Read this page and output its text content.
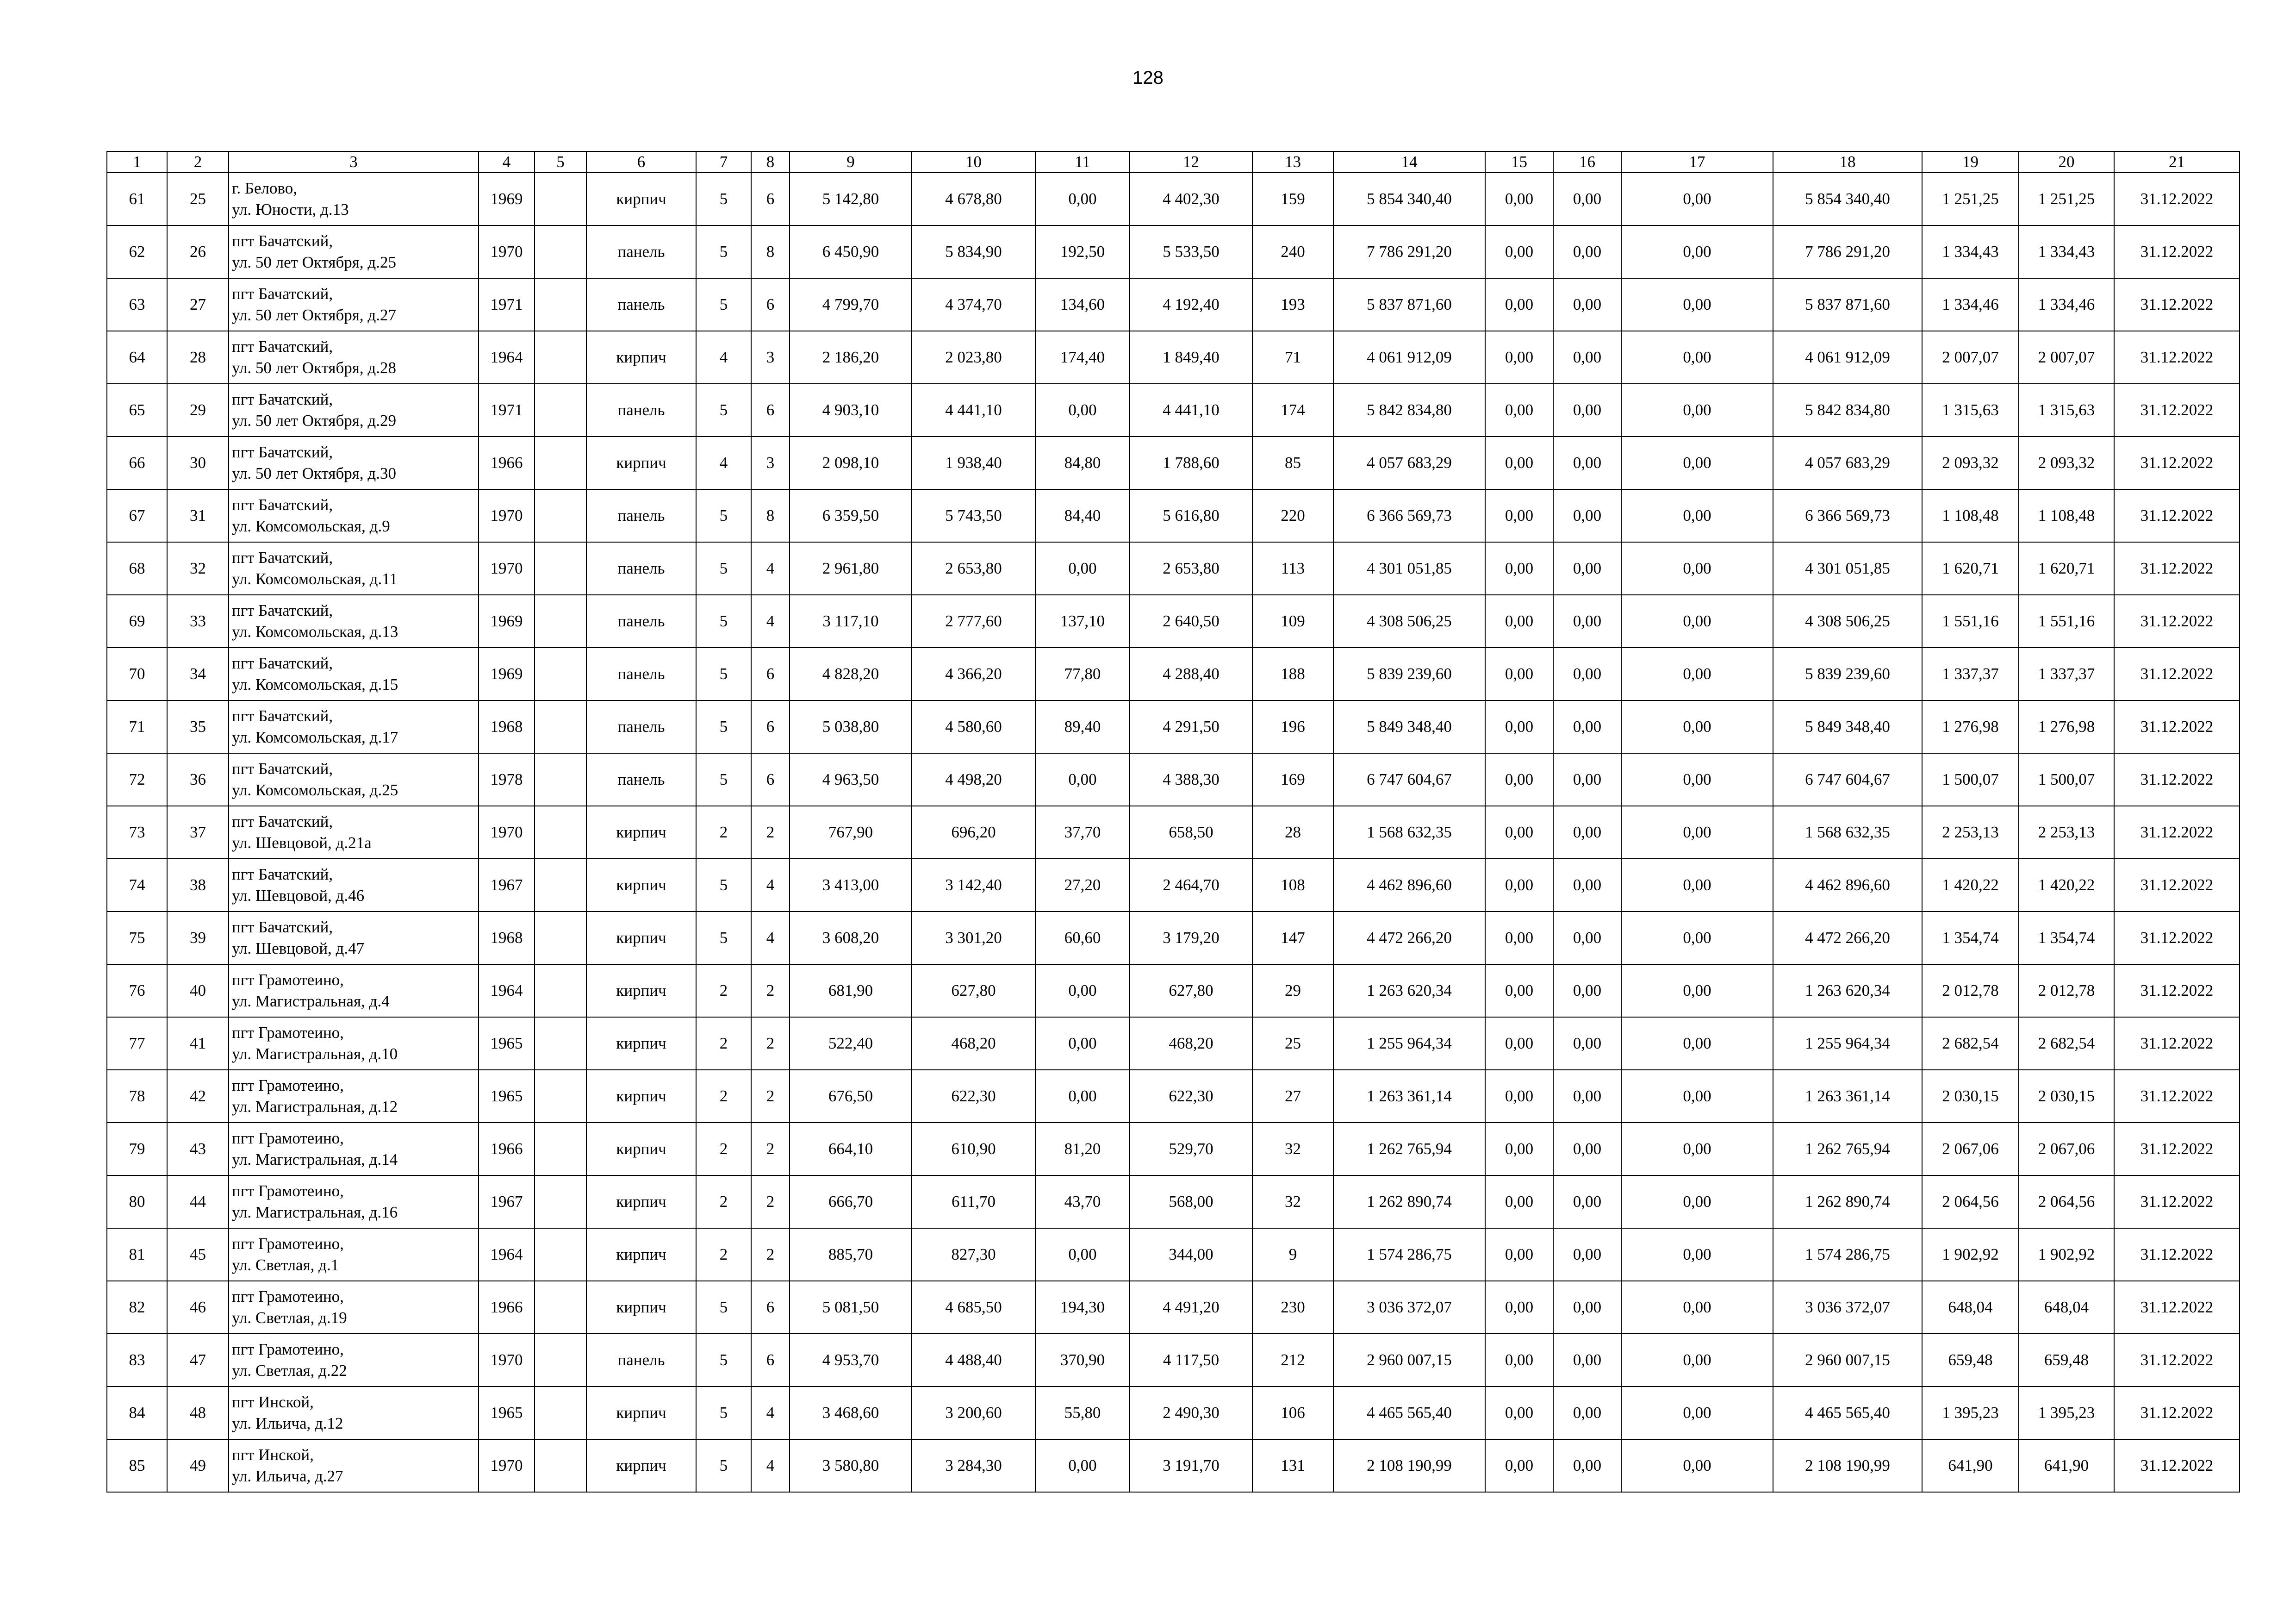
128
1	2	3	4	5	6	7	8	9	10	11	12	13	14	15	16	17	18	19	20	21
61	25	г. Белово,
ул. Юности, д.13	1969		кирпич	5	6	5 142,80	4 678,80	0,00	4 402,30	159	5 854 340,40	0,00	0,00	0,00	5 854 340,40	1 251,25	1 251,25	31.12.2022
62	26	пгт Бачатский,
ул. 50 лет Октября, д.25	1970		панель	5	8	6 450,90	5 834,90	192,50	5 533,50	240	7 786 291,20	0,00	0,00	0,00	7 786 291,20	1 334,43	1 334,43	31.12.2022
63	27	пгт Бачатский,
ул. 50 лет Октября, д.27	1971		панель	5	6	4 799,70	4 374,70	134,60	4 192,40	193	5 837 871,60	0,00	0,00	0,00	5 837 871,60	1 334,46	1 334,46	31.12.2022
64	28	пгт Бачатский,
ул. 50 лет Октября, д.28	1964		кирпич	4	3	2 186,20	2 023,80	174,40	1 849,40	71	4 061 912,09	0,00	0,00	0,00	4 061 912,09	2 007,07	2 007,07	31.12.2022
65	29	пгт Бачатский,
ул. 50 лет Октября, д.29	1971		панель	5	6	4 903,10	4 441,10	0,00	4 441,10	174	5 842 834,80	0,00	0,00	0,00	5 842 834,80	1 315,63	1 315,63	31.12.2022
66	30	пгт Бачатский,
ул. 50 лет Октября, д.30	1966		кирпич	4	3	2 098,10	1 938,40	84,80	1 788,60	85	4 057 683,29	0,00	0,00	0,00	4 057 683,29	2 093,32	2 093,32	31.12.2022
67	31	пгт Бачатский,
ул. Комсомольская, д.9	1970		панель	5	8	6 359,50	5 743,50	84,40	5 616,80	220	6 366 569,73	0,00	0,00	0,00	6 366 569,73	1 108,48	1 108,48	31.12.2022
68	32	пгт Бачатский,
ул. Комсомольская, д.11	1970		панель	5	4	2 961,80	2 653,80	0,00	2 653,80	113	4 301 051,85	0,00	0,00	0,00	4 301 051,85	1 620,71	1 620,71	31.12.2022
69	33	пгт Бачатский,
ул. Комсомольская, д.13	1969		панель	5	4	3 117,10	2 777,60	137,10	2 640,50	109	4 308 506,25	0,00	0,00	0,00	4 308 506,25	1 551,16	1 551,16	31.12.2022
70	34	пгт Бачатский,
ул. Комсомольская, д.15	1969		панель	5	6	4 828,20	4 366,20	77,80	4 288,40	188	5 839 239,60	0,00	0,00	0,00	5 839 239,60	1 337,37	1 337,37	31.12.2022
71	35	пгт Бачатский,
ул. Комсомольская, д.17	1968		панель	5	6	5 038,80	4 580,60	89,40	4 291,50	196	5 849 348,40	0,00	0,00	0,00	5 849 348,40	1 276,98	1 276,98	31.12.2022
72	36	пгт Бачатский,
ул. Комсомольская, д.25	1978		панель	5	6	4 963,50	4 498,20	0,00	4 388,30	169	6 747 604,67	0,00	0,00	0,00	6 747 604,67	1 500,07	1 500,07	31.12.2022
73	37	пгт Бачатский,
ул. Шевцовой, д.21а	1970		кирпич	2	2	767,90	696,20	37,70	658,50	28	1 568 632,35	0,00	0,00	0,00	1 568 632,35	2 253,13	2 253,13	31.12.2022
74	38	пгт Бачатский,
ул. Шевцовой, д.46	1967		кирпич	5	4	3 413,00	3 142,40	27,20	2 464,70	108	4 462 896,60	0,00	0,00	0,00	4 462 896,60	1 420,22	1 420,22	31.12.2022
75	39	пгт Бачатский,
ул. Шевцовой, д.47	1968		кирпич	5	4	3 608,20	3 301,20	60,60	3 179,20	147	4 472 266,20	0,00	0,00	0,00	4 472 266,20	1 354,74	1 354,74	31.12.2022
76	40	пгт Грамотеино,
ул. Магистральная, д.4	1964		кирпич	2	2	681,90	627,80	0,00	627,80	29	1 263 620,34	0,00	0,00	0,00	1 263 620,34	2 012,78	2 012,78	31.12.2022
77	41	пгт Грамотеино,
ул. Магистральная, д.10	1965		кирпич	2	2	522,40	468,20	0,00	468,20	25	1 255 964,34	0,00	0,00	0,00	1 255 964,34	2 682,54	2 682,54	31.12.2022
78	42	пгт Грамотеино,
ул. Магистральная, д.12	1965		кирпич	2	2	676,50	622,30	0,00	622,30	27	1 263 361,14	0,00	0,00	0,00	1 263 361,14	2 030,15	2 030,15	31.12.2022
79	43	пгт Грамотеино,
ул. Магистральная, д.14	1966		кирпич	2	2	664,10	610,90	81,20	529,70	32	1 262 765,94	0,00	0,00	0,00	1 262 765,94	2 067,06	2 067,06	31.12.2022
80	44	пгт Грамотеино,
ул. Магистральная, д.16	1967		кирпич	2	2	666,70	611,70	43,70	568,00	32	1 262 890,74	0,00	0,00	0,00	1 262 890,74	2 064,56	2 064,56	31.12.2022
81	45	пгт Грамотеино,
ул. Светлая, д.1	1964		кирпич	2	2	885,70	827,30	0,00	344,00	9	1 574 286,75	0,00	0,00	0,00	1 574 286,75	1 902,92	1 902,92	31.12.2022
82	46	пгт Грамотеино,
ул. Светлая, д.19	1966		кирпич	5	6	5 081,50	4 685,50	194,30	4 491,20	230	3 036 372,07	0,00	0,00	0,00	3 036 372,07	648,04	648,04	31.12.2022
83	47	пгт Грамотеино,
ул. Светлая, д.22	1970		панель	5	6	4 953,70	4 488,40	370,90	4 117,50	212	2 960 007,15	0,00	0,00	0,00	2 960 007,15	659,48	659,48	31.12.2022
84	48	пгт Инской,
ул. Ильича, д.12	1965		кирпич	5	4	3 468,60	3 200,60	55,80	2 490,30	106	4 465 565,40	0,00	0,00	0,00	4 465 565,40	1 395,23	1 395,23	31.12.2022
85	49	пгт Инской,
ул. Ильича, д.27	1970		кирпич	5	4	3 580,80	3 284,30	0,00	3 191,70	131	2 108 190,99	0,00	0,00	0,00	2 108 190,99	641,90	641,90	31.12.2022
